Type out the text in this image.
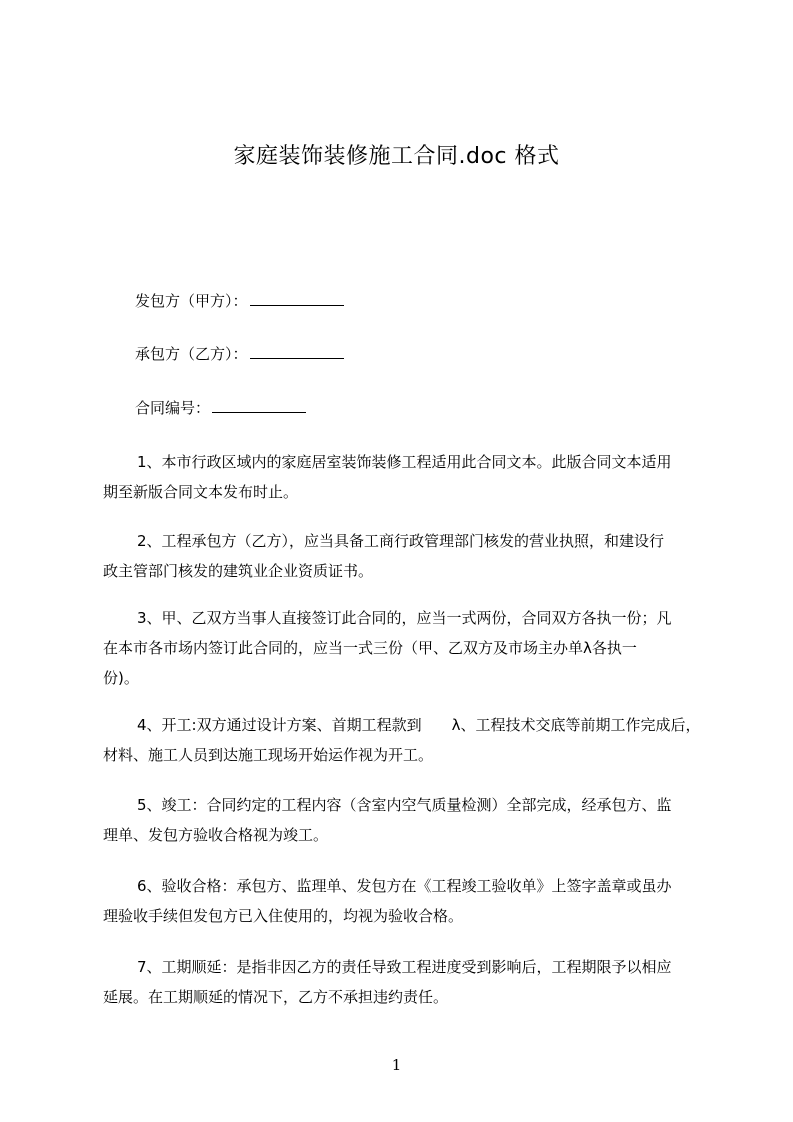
家庭装饰装修施工合同.doc 格式
发包方（甲方）：
承包方（乙方）：
合同编号：
1、本市行政区域内的家庭居室装饰装修工程适用此合同文本。此版合同文本适用
期至新版合同文本发布时止。
2、工程承包方（乙方），应当具备工商行政管理部门核发的营业执照，和建设行
政主管部门核发的建筑业企业资质证书。
3、甲、乙双方当事人直接签订此合同的，应当一式两份，合同双方各执一份；凡
在本市各市场内签订此合同的，应当一式三份（甲、乙双方及市场主办单λ各执一
份)。
4、开工:双方通过设计方案、首期工程款到　　λ、工程技术交底等前期工作完成后，
材料、施工人员到达施工现场开始运作视为开工。
5、竣工：合同约定的工程内容（含室内空气质量检测）全部完成，经承包方、监
理单、发包方验收合格视为竣工。
6、验收合格：承包方、监理单、发包方在《工程竣工验收单》上签字盖章或虽办
理验收手续但发包方已入住使用的，均视为验收合格。
7、工期顺延：是指非因乙方的责任导致工程进度受到影响后，工程期限予以相应
延展。在工期顺延的情况下，乙方不承担违约责任。
1
